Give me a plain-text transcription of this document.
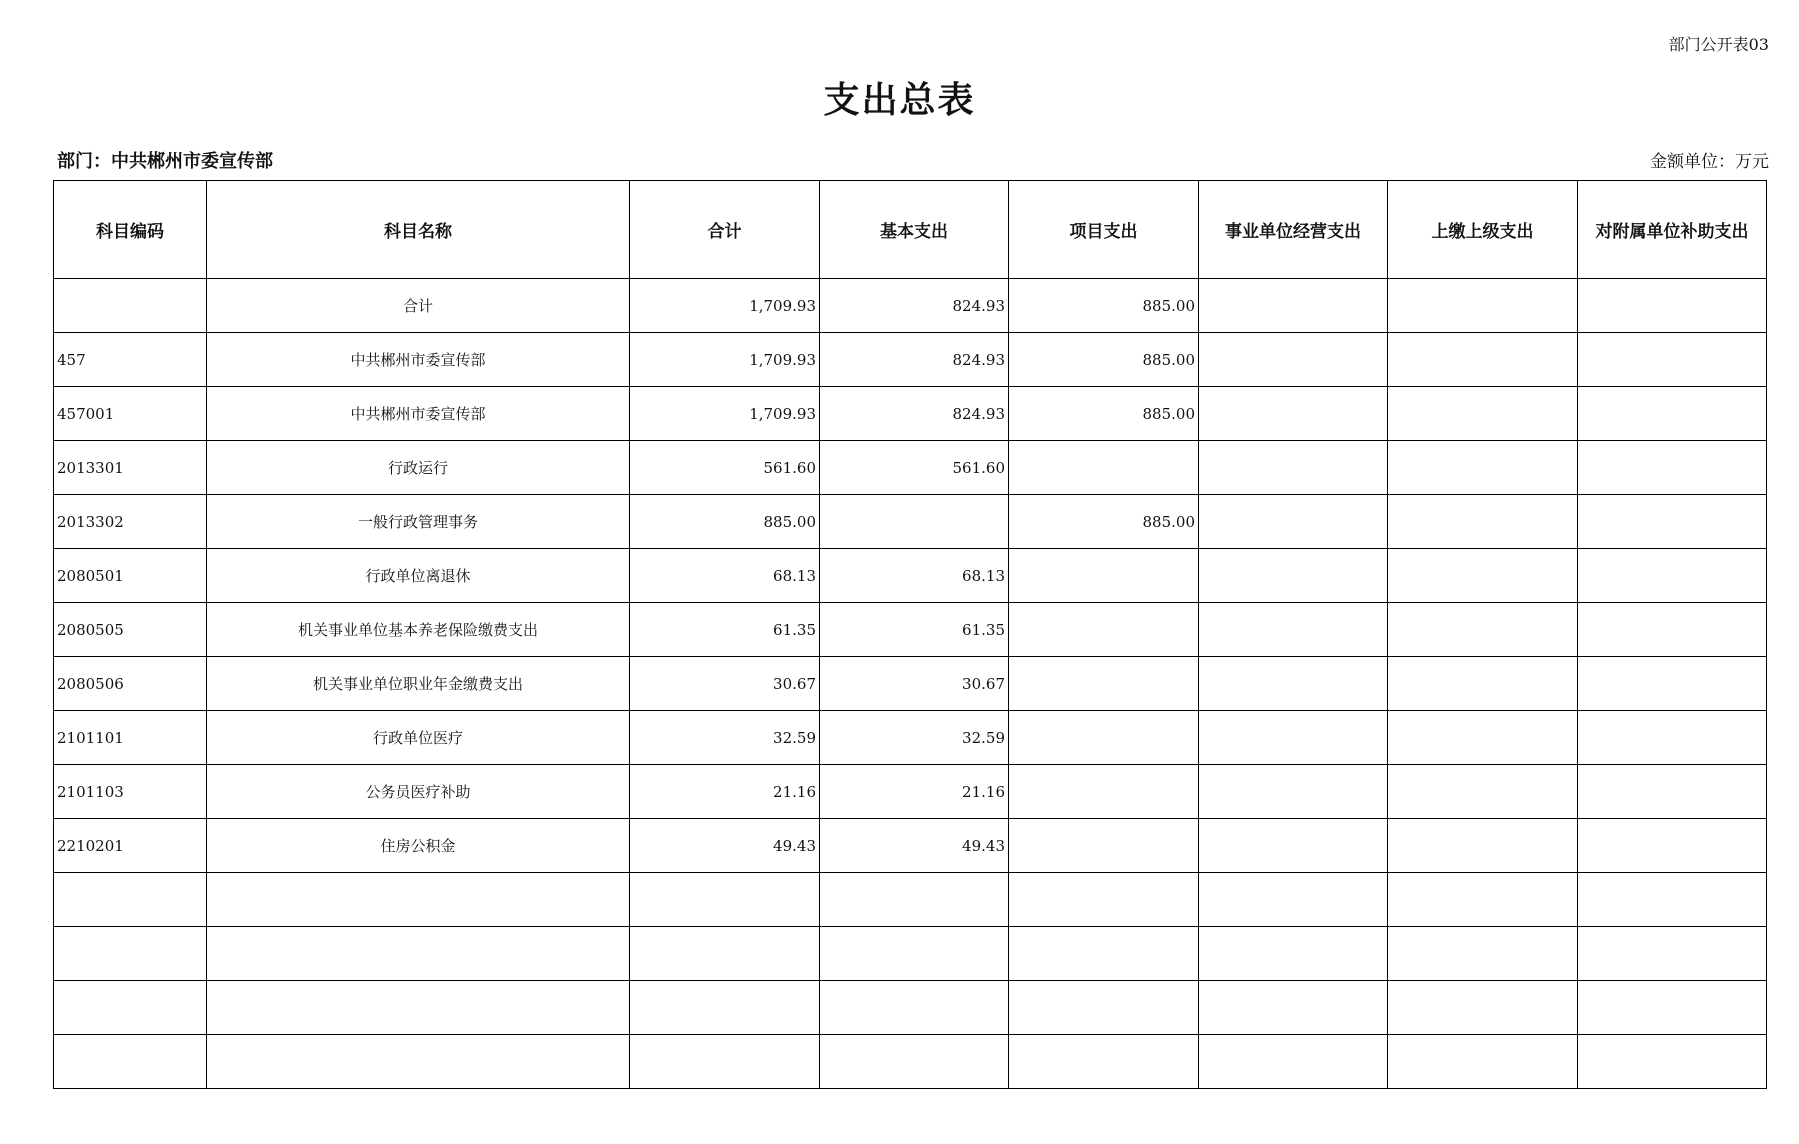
部门公开表03
支出总表
部门：中共郴州市委宣传部	金额单位：万元
科目编码	科目名称	合计	基本支出	项目支出	事业单位经营支出	上缴上级支出	对附属单位补助支出
	合计	1,709.93	824.93	885.00			
457	中共郴州市委宣传部	1,709.93	824.93	885.00			
457001	中共郴州市委宣传部	1,709.93	824.93	885.00			
2013301	行政运行	561.60	561.60				
2013302	一般行政管理事务	885.00		885.00			
2080501	行政单位离退休	68.13	68.13				
2080505	机关事业单位基本养老保险缴费支出	61.35	61.35				
2080506	机关事业单位职业年金缴费支出	30.67	30.67				
2101101	行政单位医疗	32.59	32.59				
2101103	公务员医疗补助	21.16	21.16				
2210201	住房公积金	49.43	49.43				
